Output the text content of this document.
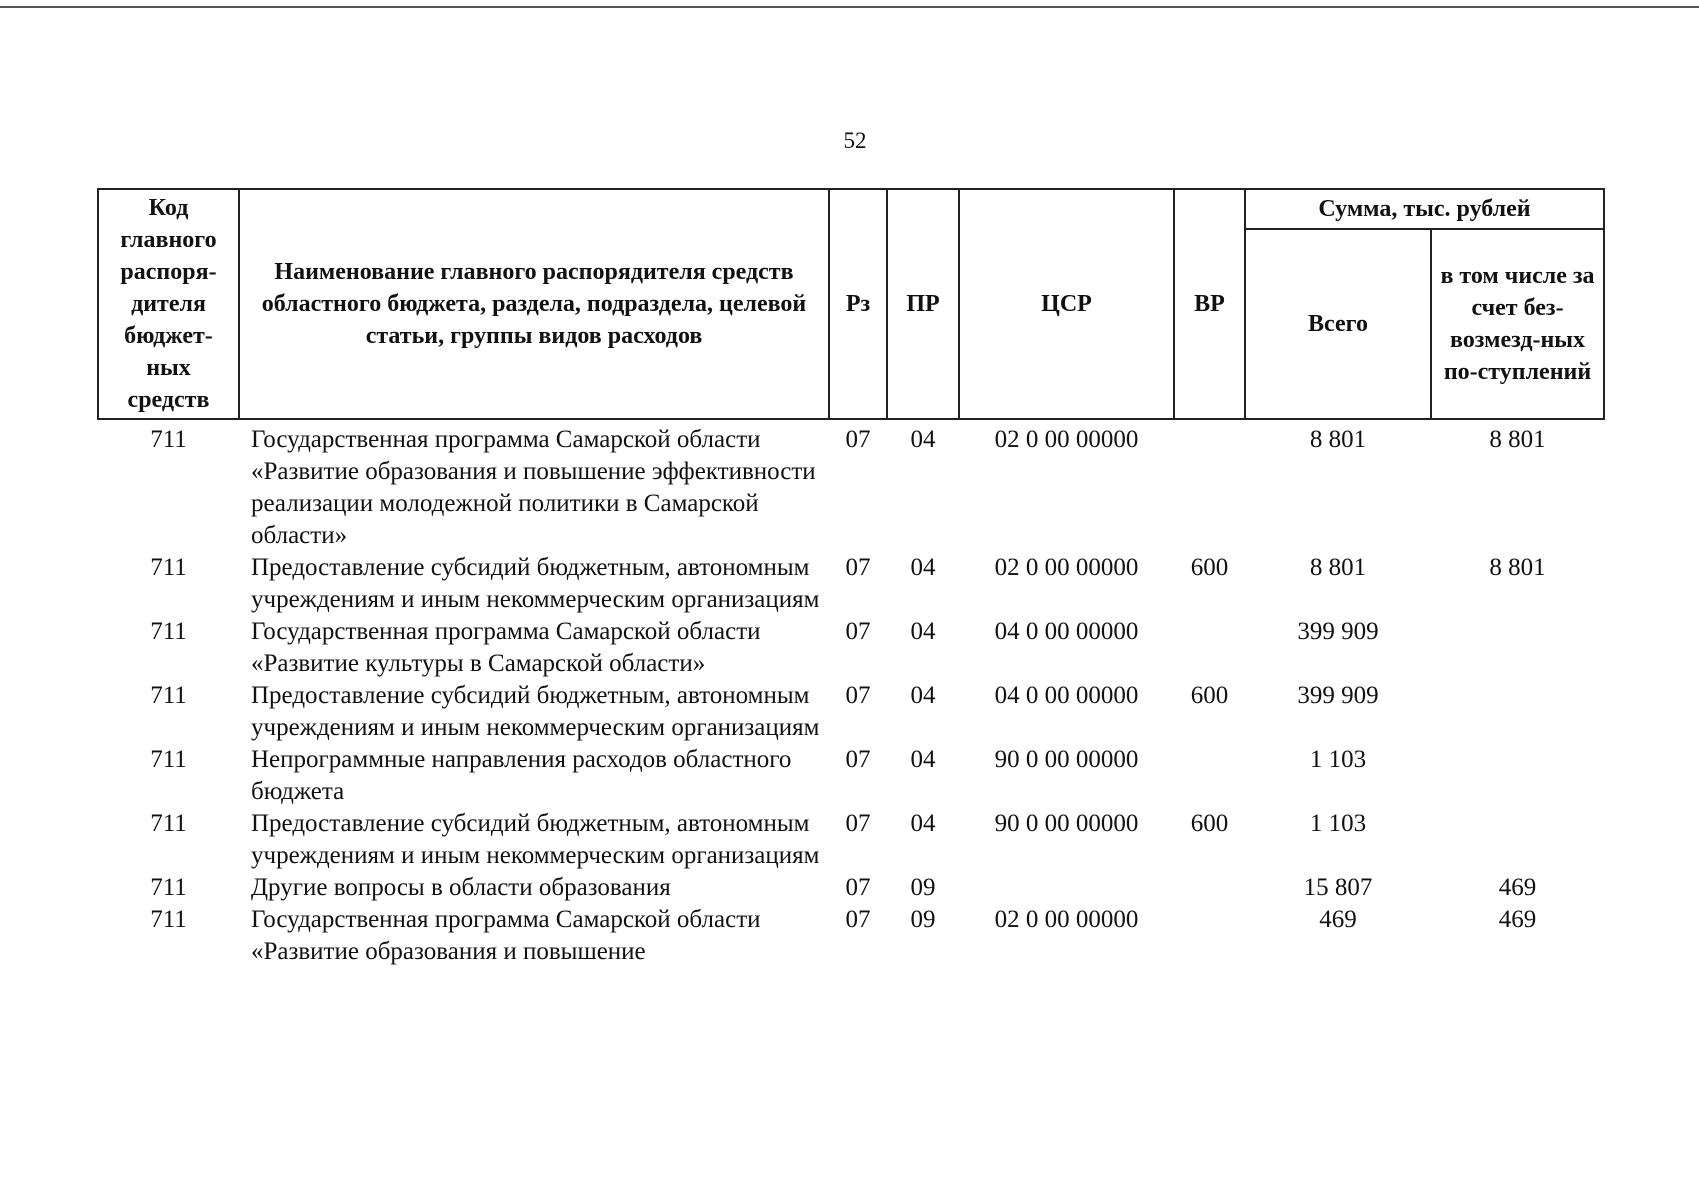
52
Код главного распоря-дителя бюджет-ных средств	Наименование главного распорядителя средств областного бюджета, раздела, подраздела, целевой статьи, группы видов расходов	Рз	ПР	ЦСР	ВР	Сумма, тыс. рублей	
						Всего	в том числе за счет без-возмезд-ных по-ступлений
711	Государственная программа Самарской области «Развитие образования и повышение эффективности реализации молодежной политики в Самарской области»	07	04	02 0 00 00000		8 801	8 801
711	Предоставление субсидий бюджетным, автономным учреждениям и иным некоммерческим организациям	07	04	02 0 00 00000	600	8 801	8 801
711	Государственная программа Самарской области «Развитие культуры в Самарской области»	07	04	04 0 00 00000		399 909	
711	Предоставление субсидий бюджетным, автономным учреждениям и иным некоммерческим организациям	07	04	04 0 00 00000	600	399 909	
711	Непрограммные направления расходов областного бюджета	07	04	90 0 00 00000		1 103	
711	Предоставление субсидий бюджетным, автономным учреждениям и иным некоммерческим организациям	07	04	90 0 00 00000	600	1 103	
711	Другие вопросы в области образования	07	09			15 807	469
711	Государственная программа Самарской области «Развитие образования и повышение	07	09	02 0 00 00000		469	469
